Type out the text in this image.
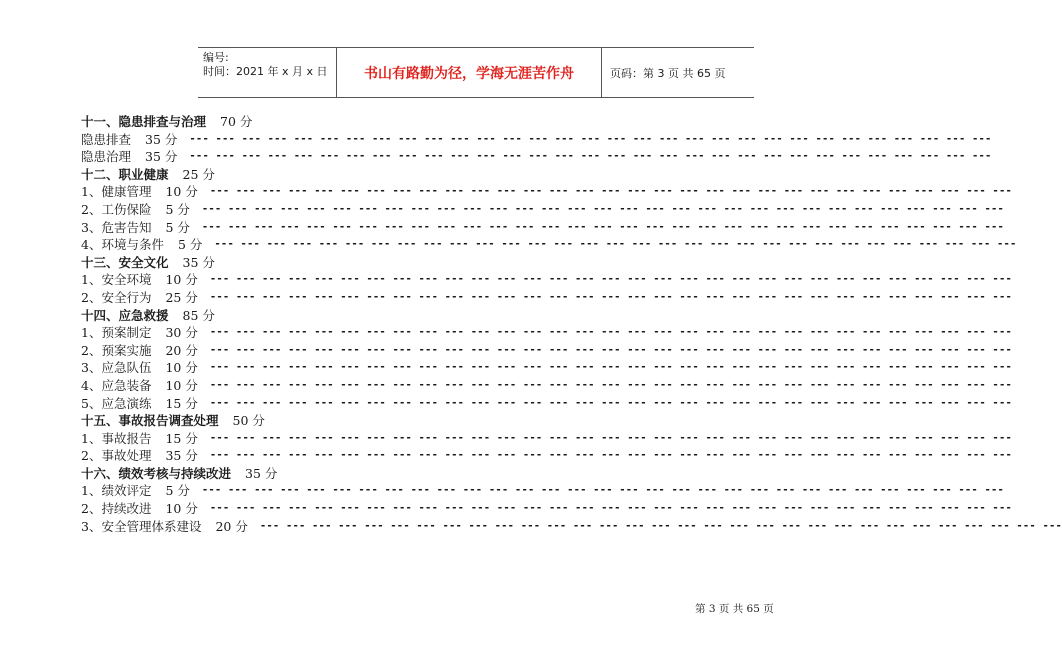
编号:
时间：2021 年 x 月 x 日	书山有路勤为径，学海无涯苦作舟	页码：第 3 页 共 65 页
十一、隐患排查与治理 70 分
隐患排查 35 分 --- --- --- --- --- --- --- --- --- --- --- --- --- --- --- --- --- --- --- --- --- --- --- --- --- --- --- --- --- --- ---
隐患治理 35 分 --- --- --- --- --- --- --- --- --- --- --- --- --- --- --- --- --- --- --- --- --- --- --- --- --- --- --- --- --- --- ---
十二、职业健康 25 分
1、健康管理 10 分 --- --- --- --- --- --- --- --- --- --- --- --- --- --- --- --- --- --- --- --- --- --- --- --- --- --- --- --- --- --- ---
2、工伤保险 5 分 --- --- --- --- --- --- --- --- --- --- --- --- --- --- --- --- --- --- --- --- --- --- --- --- --- --- --- --- --- --- ---
3、危害告知 5 分 --- --- --- --- --- --- --- --- --- --- --- --- --- --- --- --- --- --- --- --- --- --- --- --- --- --- --- --- --- --- ---
4、环境与条件 5 分 --- --- --- --- --- --- --- --- --- --- --- --- --- --- --- --- --- --- --- --- --- --- --- --- --- --- --- --- --- --- ---
十三、安全文化 35 分
1、安全环境 10 分 --- --- --- --- --- --- --- --- --- --- --- --- --- --- --- --- --- --- --- --- --- --- --- --- --- --- --- --- --- --- ---
2、安全行为 25 分 --- --- --- --- --- --- --- --- --- --- --- --- --- --- --- --- --- --- --- --- --- --- --- --- --- --- --- --- --- --- ---
十四、应急救援 85 分
1、预案制定 30 分 --- --- --- --- --- --- --- --- --- --- --- --- --- --- --- --- --- --- --- --- --- --- --- --- --- --- --- --- --- --- ---
2、预案实施 20 分 --- --- --- --- --- --- --- --- --- --- --- --- --- --- --- --- --- --- --- --- --- --- --- --- --- --- --- --- --- --- ---
3、应急队伍 10 分 --- --- --- --- --- --- --- --- --- --- --- --- --- --- --- --- --- --- --- --- --- --- --- --- --- --- --- --- --- --- ---
4、应急装备 10 分 --- --- --- --- --- --- --- --- --- --- --- --- --- --- --- --- --- --- --- --- --- --- --- --- --- --- --- --- --- --- ---
5、应急演练 15 分 --- --- --- --- --- --- --- --- --- --- --- --- --- --- --- --- --- --- --- --- --- --- --- --- --- --- --- --- --- --- ---
十五、事故报告调查处理 50 分
1、事故报告 15 分 --- --- --- --- --- --- --- --- --- --- --- --- --- --- --- --- --- --- --- --- --- --- --- --- --- --- --- --- --- --- ---
2、事故处理 35 分 --- --- --- --- --- --- --- --- --- --- --- --- --- --- --- --- --- --- --- --- --- --- --- --- --- --- --- --- --- --- ---
十六、绩效考核与持续改进 35 分
1、绩效评定 5 分 --- --- --- --- --- --- --- --- --- --- --- --- --- --- --- --- --- --- --- --- --- --- --- --- --- --- --- --- --- --- ---
2、持续改进 10 分 --- --- --- --- --- --- --- --- --- --- --- --- --- --- --- --- --- --- --- --- --- --- --- --- --- --- --- --- --- --- ---
3、安全管理体系建设 20 分 --- --- --- --- --- --- --- --- --- --- --- --- --- --- --- --- --- --- --- --- --- --- --- --- --- --- --- --- --- --- ---
第 3 页 共 65 页
